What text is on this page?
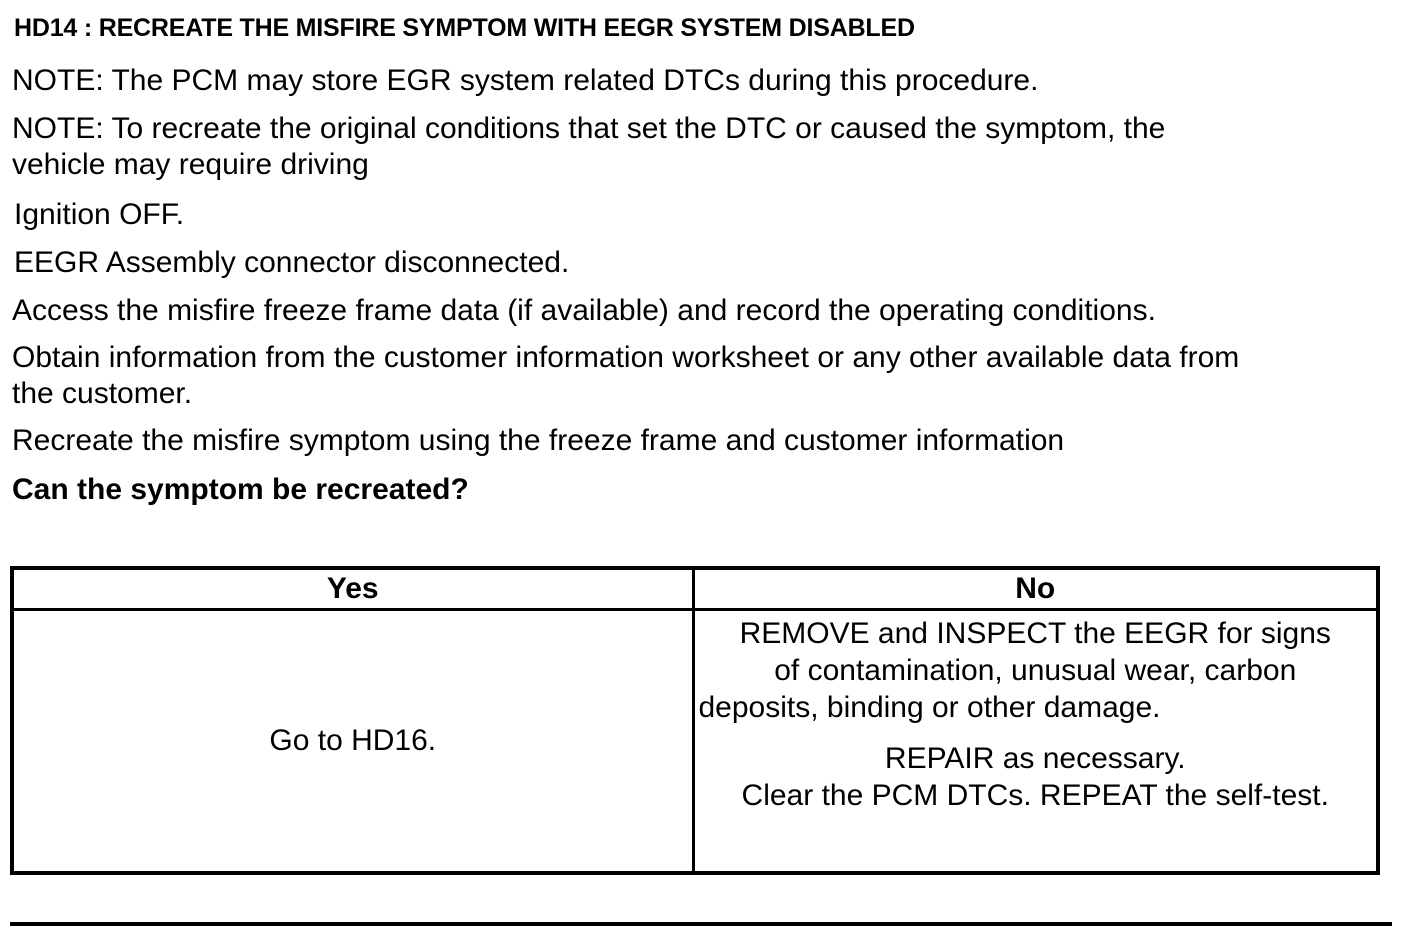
HD14 : RECREATE THE MISFIRE SYMPTOM WITH EEGR SYSTEM DISABLED

NOTE: The PCM may store EGR system related DTCs during this procedure.

NOTE: To recreate the original conditions that set the DTC or caused the symptom, the
vehicle may require driving

Ignition OFF.

EEGR Assembly connector disconnected.

Access the misfire freeze frame data (if available) and record the operating conditions.

Obtain information from the customer information worksheet or any other available data from
the customer.

Recreate the misfire symptom using the freeze frame and customer information

Can the symptom be recreated?

Yes	No
Go to HD16.	REMOVE and INSPECT the EEGR for signs
of contamination, unusual wear, carbon
deposits, binding or other damage.
REPAIR as necessary.
Clear the PCM DTCs. REPEAT the self-test.
